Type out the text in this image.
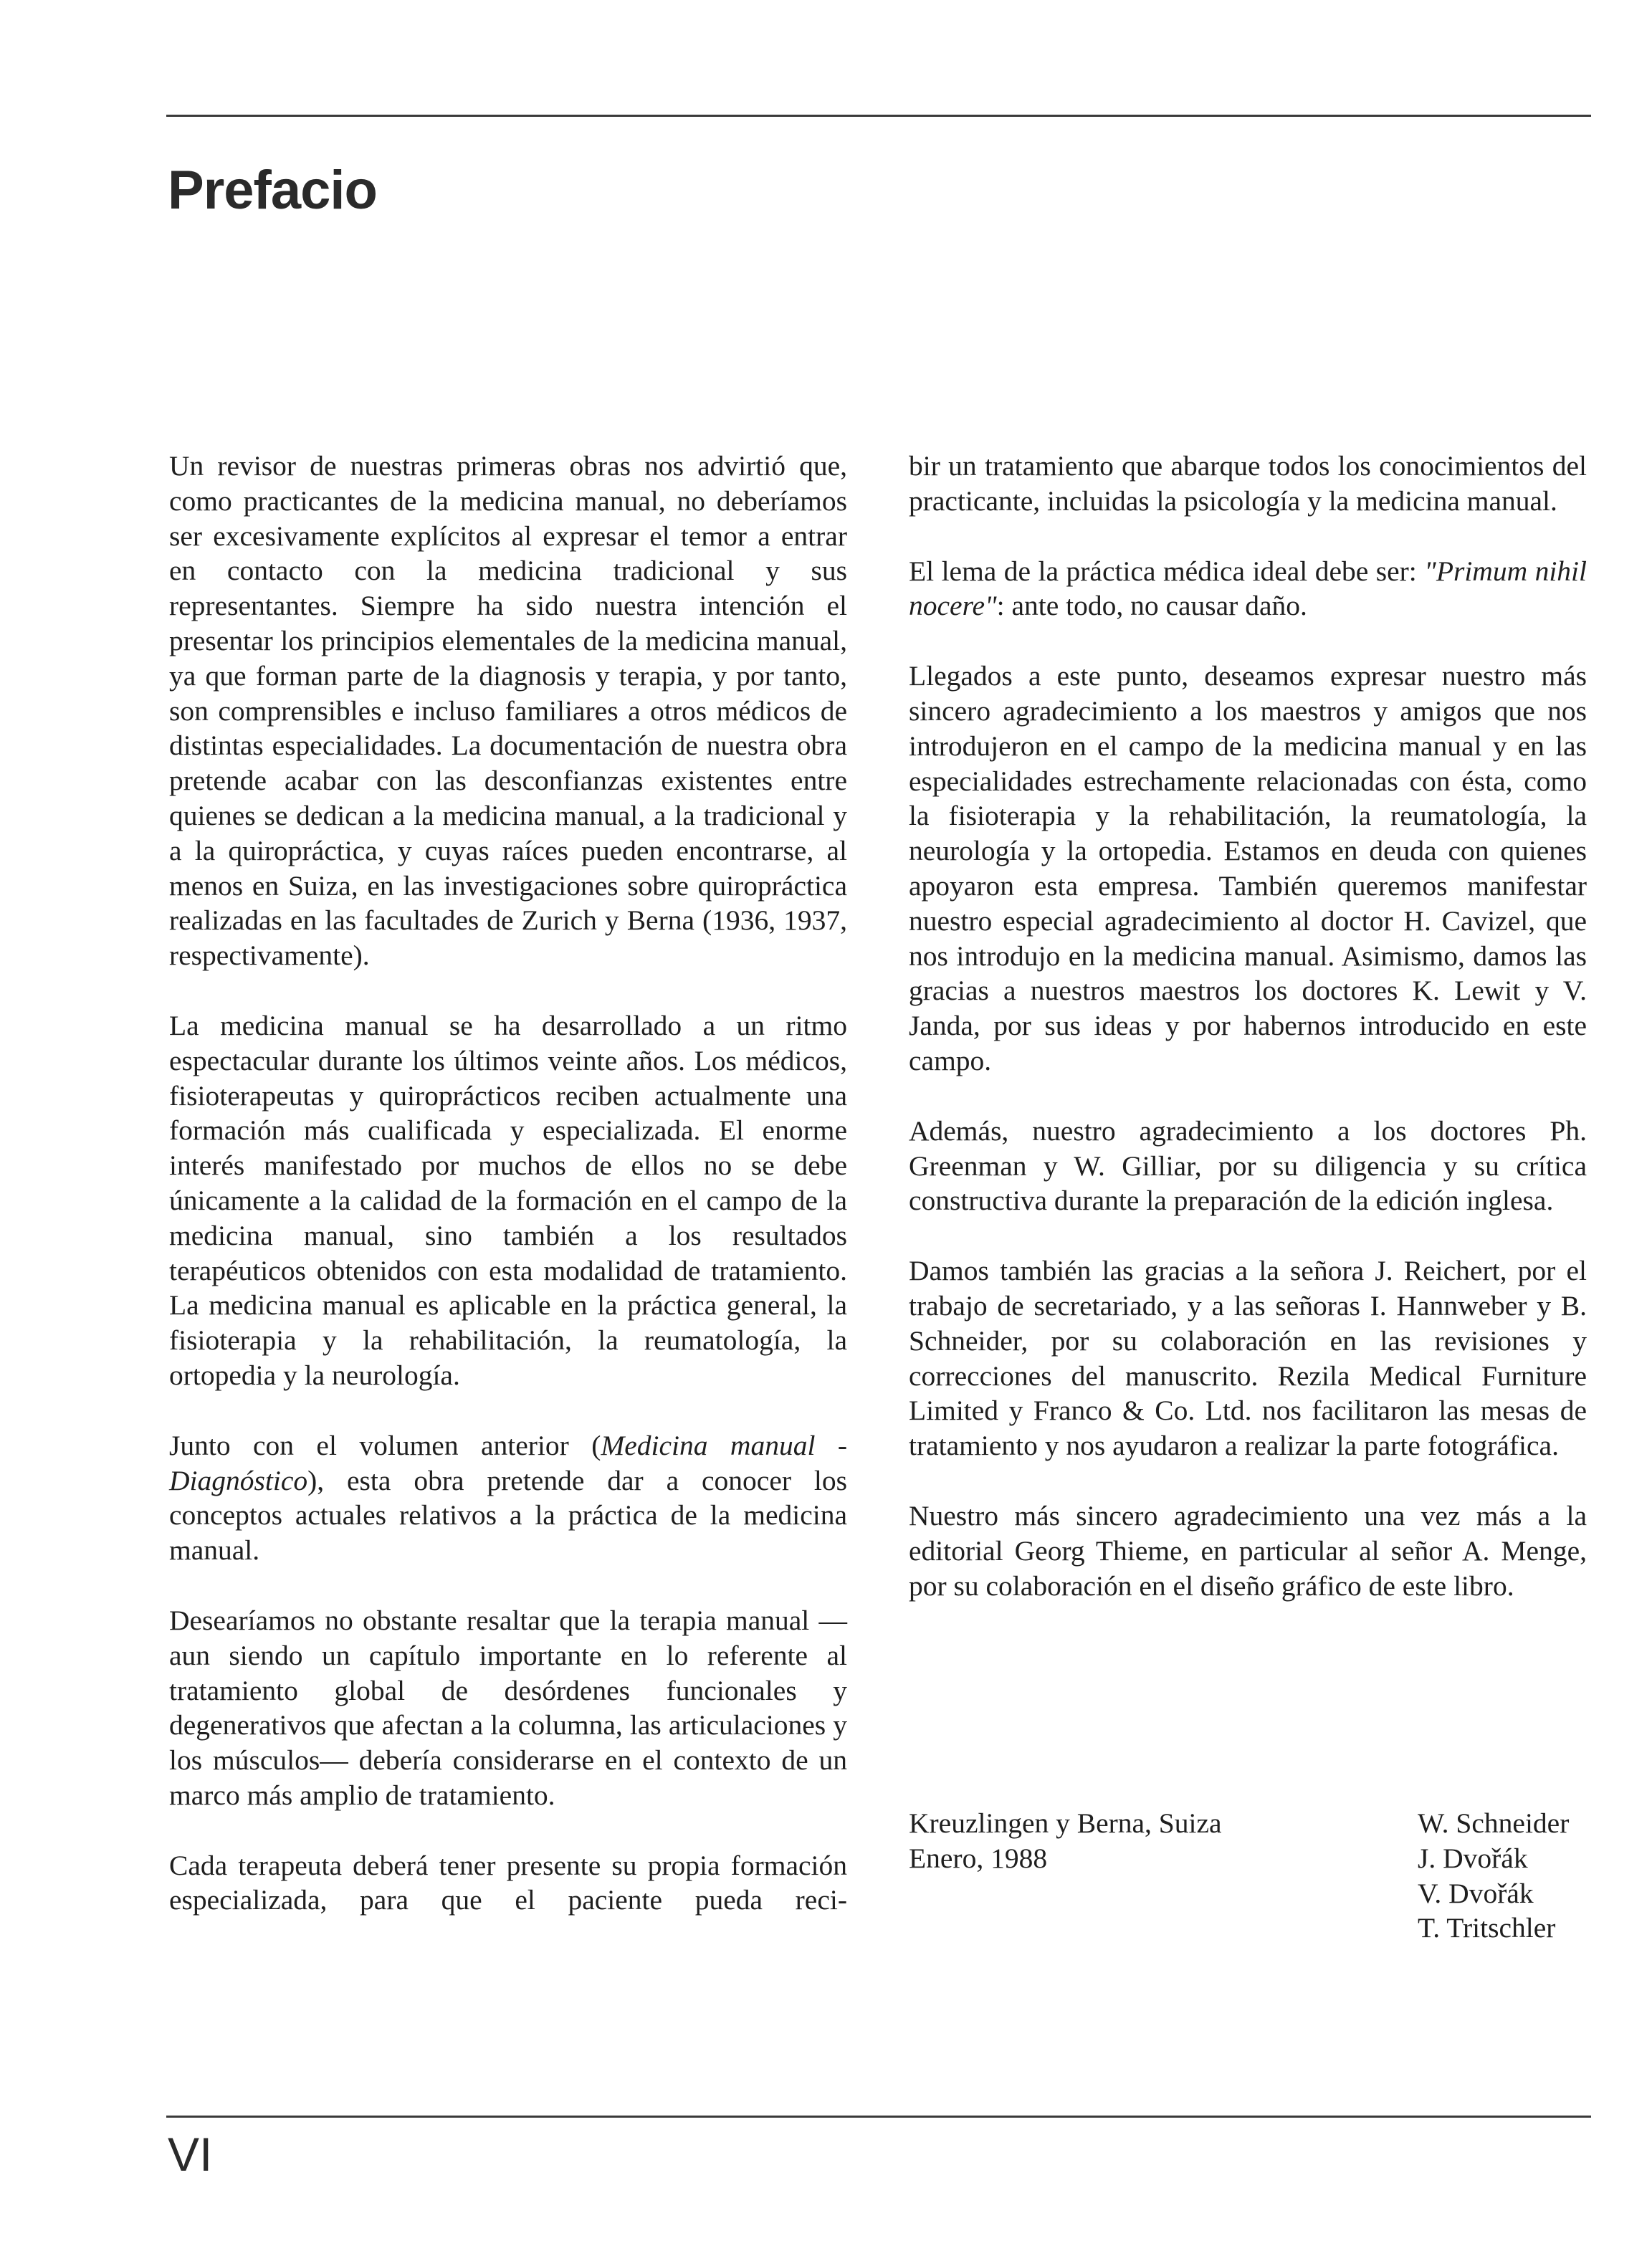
Prefacio

Un revisor de nuestras primeras obras nos advirtió que, como practicantes de la medicina manual, no deberíamos ser excesivamente explícitos al expresar el temor a entrar en contacto con la medicina tradicional y sus representantes. Siempre ha sido nuestra intención el presentar los principios elementales de la medicina manual, ya que forman parte de la diagnosis y terapia, y por tanto, son comprensibles e incluso familiares a otros médicos de distintas especialidades. La documentación de nuestra obra pretende acabar con las desconfianzas existentes entre quienes se dedican a la medicina manual, a la tradicional y a la quiropráctica, y cuyas raíces pueden encontrarse, al menos en Suiza, en las investigaciones sobre quiropráctica realizadas en las facultades de Zurich y Berna (1936, 1937, respectivamente).

La medicina manual se ha desarrollado a un ritmo espectacular durante los últimos veinte años. Los médicos, fisioterapeutas y quiroprácticos reciben actualmente una formación más cualificada y especializada. El enorme interés manifestado por muchos de ellos no se debe únicamente a la calidad de la formación en el campo de la medicina manual, sino también a los resultados terapéuticos obtenidos con esta modalidad de tratamiento. La medicina manual es aplicable en la práctica general, la fisioterapia y la rehabilitación, la reumatología, la ortopedia y la neurología.

Junto con el volumen anterior (Medicina manual - Diagnóstico), esta obra pretende dar a conocer los conceptos actuales relativos a la práctica de la medicina manual.

Desearíamos no obstante resaltar que la terapia manual —aun siendo un capítulo importante en lo referente al tratamiento global de desórdenes funcionales y degenerativos que afectan a la columna, las articulaciones y los músculos— debería considerarse en el contexto de un marco más amplio de tratamiento.

Cada terapeuta deberá tener presente su propia formación especializada, para que el paciente pueda reci-

bir un tratamiento que abarque todos los conocimientos del practicante, incluidas la psicología y la medicina manual.

El lema de la práctica médica ideal debe ser: "Primum nihil nocere": ante todo, no causar daño.

Llegados a este punto, deseamos expresar nuestro más sincero agradecimiento a los maestros y amigos que nos introdujeron en el campo de la medicina manual y en las especialidades estrechamente relacionadas con ésta, como la fisioterapia y la rehabilitación, la reumatología, la neurología y la ortopedia. Estamos en deuda con quienes apoyaron esta empresa. También queremos manifestar nuestro especial agradecimiento al doctor H. Cavizel, que nos introdujo en la medicina manual. Asimismo, damos las gracias a nuestros maestros los doctores K. Lewit y V. Janda, por sus ideas y por habernos introducido en este campo.

Además, nuestro agradecimiento a los doctores Ph. Greenman y W. Gilliar, por su diligencia y su crítica constructiva durante la preparación de la edición inglesa.

Damos también las gracias a la señora J. Reichert, por el trabajo de secretariado, y a las señoras I. Hannweber y B. Schneider, por su colaboración en las revisiones y correcciones del manuscrito. Rezila Medical Furniture Limited y Franco & Co. Ltd. nos facilitaron las mesas de tratamiento y nos ayudaron a realizar la parte fotográfica.

Nuestro más sincero agradecimiento una vez más a la editorial Georg Thieme, en particular al señor A. Menge, por su colaboración en el diseño gráfico de este libro.

Kreuzlingen y Berna, Suiza
Enero, 1988
W. Schneider
J. Dvořák
V. Dvořák
T. Tritschler
VI
